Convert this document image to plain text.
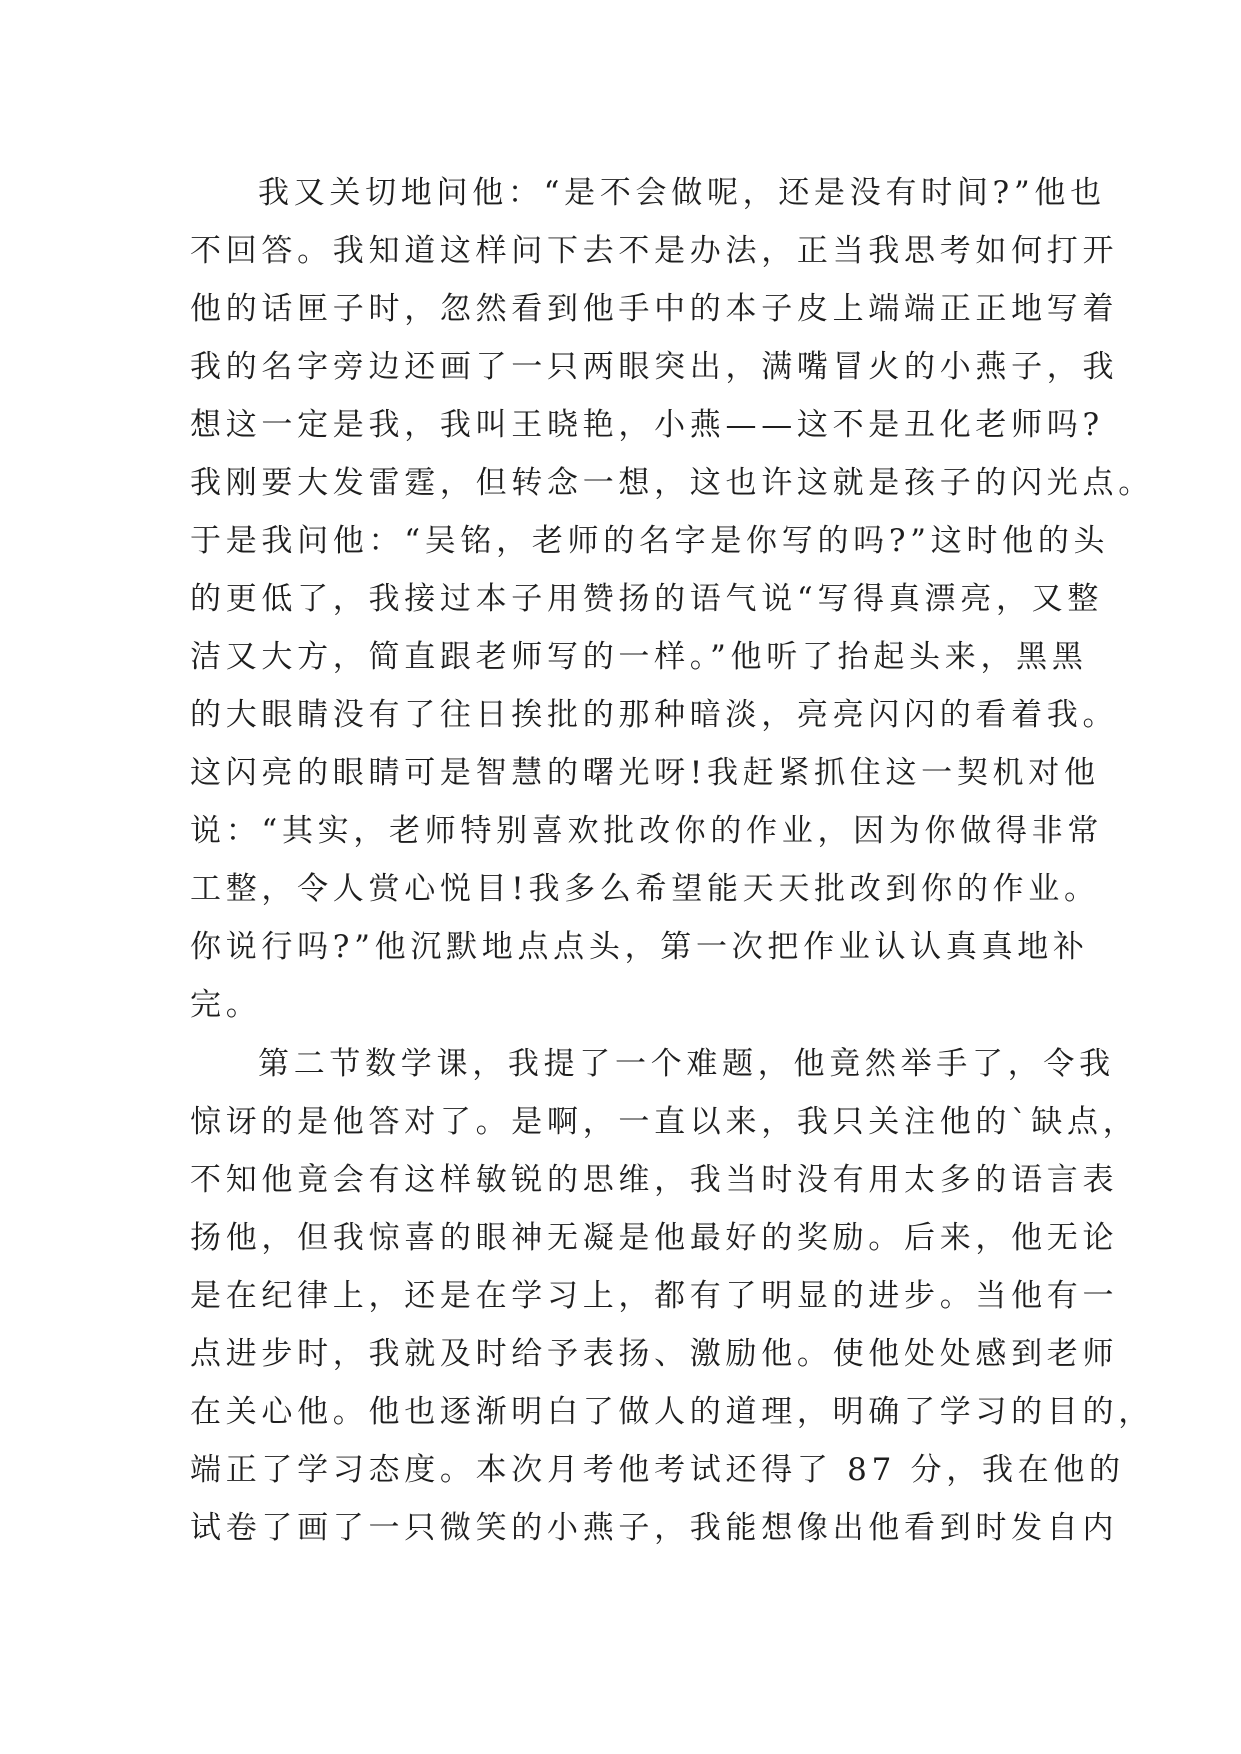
我又关切地问他：“是不会做呢，还是没有时间?”他也
不回答。我知道这样问下去不是办法，正当我思考如何打开
他的话匣子时，忽然看到他手中的本子皮上端端正正地写着
我的名字旁边还画了一只两眼突出，满嘴冒火的小燕子，我
想这一定是我，我叫王晓艳，小燕——这不是丑化老师吗?
我刚要大发雷霆，但转念一想，这也许这就是孩子的闪光点。
于是我问他：“吴铭，老师的名字是你写的吗?”这时他的头
的更低了，我接过本子用赞扬的语气说“写得真漂亮，又整
洁又大方，简直跟老师写的一样。”他听了抬起头来，黑黑
的大眼睛没有了往日挨批的那种暗淡，亮亮闪闪的看着我。
这闪亮的眼睛可是智慧的曙光呀!我赶紧抓住这一契机对他
说：“其实，老师特别喜欢批改你的作业，因为你做得非常
工整，令人赏心悦目!我多么希望能天天批改到你的作业。
你说行吗?”他沉默地点点头，第一次把作业认认真真地补
完。
第二节数学课，我提了一个难题，他竟然举手了，令我
惊讶的是他答对了。是啊，一直以来，我只关注他的`缺点，
不知他竟会有这样敏锐的思维，我当时没有用太多的语言表
扬他，但我惊喜的眼神无凝是他最好的奖励。后来，他无论
是在纪律上，还是在学习上，都有了明显的进步。当他有一
点进步时，我就及时给予表扬、激励他。使他处处感到老师
在关心他。他也逐渐明白了做人的道理，明确了学习的目的，
端正了学习态度。本次月考他考试还得了 87 分，我在他的
试卷了画了一只微笑的小燕子，我能想像出他看到时发自内
